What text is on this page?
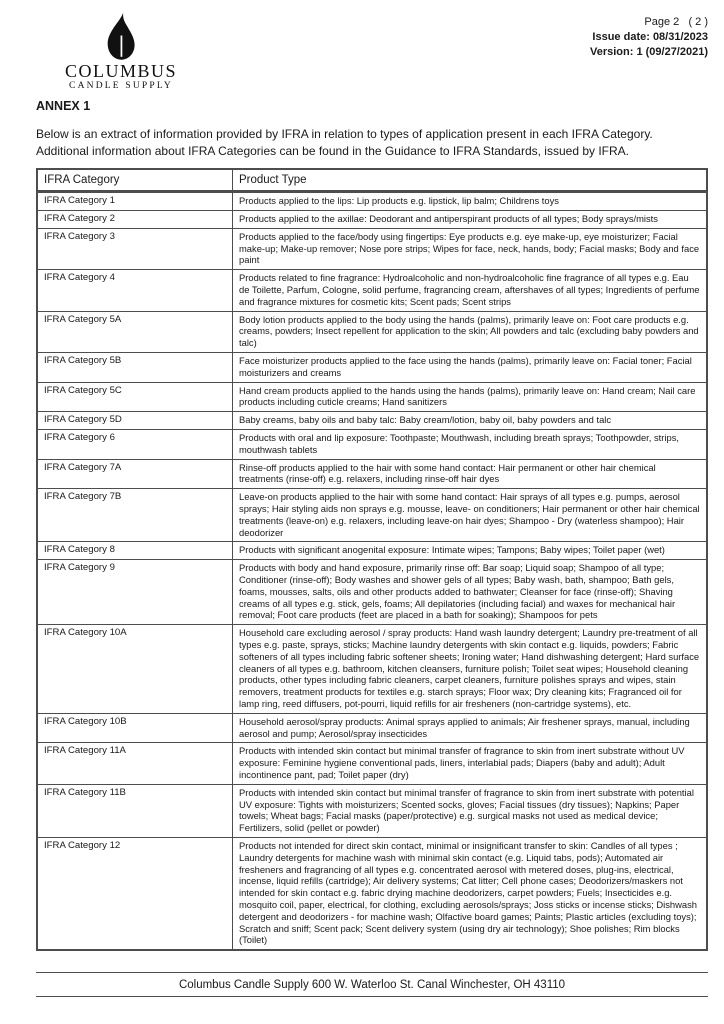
COLUMBUS
CANDLE SUPPLY
Page 2   ( 2 )
Issue date: 08/31/2023
Version: 1 (09/27/2021)
ANNEX 1
Below is an extract of information provided by IFRA in relation to types of application present in each IFRA Category. Additional information about IFRA Categories can be found in the Guidance to IFRA Standards, issued by IFRA.
IFRA Category	Product Type
IFRA Category 1	Products applied to the lips: Lip products e.g. lipstick, lip balm; Childrens toys
IFRA Category 2	Products applied to the axillae: Deodorant and antiperspirant products of all types; Body sprays/mists
IFRA Category 3	Products applied to the face/body using fingertips: Eye products e.g. eye make-up, eye moisturizer; Facial make-up; Make-up remover; Nose pore strips; Wipes for face, neck, hands, body; Facial masks; Body and face paint
IFRA Category 4	Products related to fine fragrance: Hydroalcoholic and non-hydroalcoholic fine fragrance of all types e.g. Eau de Toilette, Parfum, Cologne, solid perfume, fragrancing cream, aftershaves of all types; Ingredients of perfume and fragrance mixtures for cosmetic kits; Scent pads; Scent strips
IFRA Category 5A	Body lotion products applied to the body using the hands (palms), primarily leave on: Foot care products e.g. creams, powders; Insect repellent for application to the skin; All powders and talc (excluding baby powders and talc)
IFRA Category 5B	Face moisturizer products applied to the face using the hands (palms), primarily leave on: Facial toner; Facial moisturizers and creams
IFRA Category 5C	Hand cream products applied to the hands using the hands (palms), primarily leave on: Hand cream; Nail care products including cuticle creams; Hand sanitizers
IFRA Category 5D	Baby creams, baby oils and baby talc: Baby cream/lotion, baby oil, baby powders and talc
IFRA Category 6	Products with oral and lip exposure: Toothpaste; Mouthwash, including breath sprays; Toothpowder, strips, mouthwash tablets
IFRA Category 7A	Rinse-off products applied to the hair with some hand contact: Hair permanent or other hair chemical treatments (rinse-off) e.g. relaxers, including rinse-off hair dyes
IFRA Category 7B	Leave-on products applied to the hair with some hand contact: Hair sprays of all types e.g. pumps, aerosol sprays; Hair styling aids non sprays e.g. mousse, leave- on conditioners; Hair permanent or other hair chemical treatments (leave-on) e.g. relaxers, including leave-on hair dyes; Shampoo - Dry (waterless shampoo); Hair deodorizer
IFRA Category 8	Products with significant anogenital exposure: Intimate wipes; Tampons; Baby wipes; Toilet paper (wet)
IFRA Category 9	Products with body and hand exposure, primarily rinse off: Bar soap; Liquid soap; Shampoo of all type; Conditioner (rinse-off); Body washes and shower gels of all types; Baby wash, bath, shampoo; Bath gels, foams, mousses, salts, oils and other products added to bathwater; Cleanser for face (rinse-off); Shaving creams of all types e.g. stick, gels, foams; All depilatories (including facial) and waxes for mechanical hair removal; Foot care products (feet are placed in a bath for soaking); Shampoos for pets
IFRA Category 10A	Household care excluding aerosol / spray products: Hand wash laundry detergent; Laundry pre-treatment of all types e.g. paste, sprays, sticks; Machine laundry detergents with skin contact e.g. liquids, powders; Fabric softeners of all types including fabric softener sheets; Ironing water; Hand dishwashing detergent; Hard surface cleaners of all types e.g. bathroom, kitchen cleansers, furniture polish; Toilet seat wipes; Household cleaning products, other types including fabric cleaners, carpet cleaners, furniture polishes sprays and wipes, stain removers, treatment products for textiles e.g. starch sprays; Floor wax; Dry cleaning kits; Fragranced oil for lamp ring, reed diffusers, pot-pourri, liquid refills for air fresheners (non-cartridge systems), etc.
IFRA Category 10B	Household aerosol/spray products: Animal sprays applied to animals; Air freshener sprays, manual, including aerosol and pump; Aerosol/spray insecticides
IFRA Category 11A	Products with intended skin contact but minimal transfer of fragrance to skin from inert substrate without UV exposure: Feminine hygiene conventional pads, liners, interlabial pads; Diapers (baby and adult); Adult incontinence pant, pad; Toilet paper (dry)
IFRA Category 11B	Products with intended skin contact but minimal transfer of fragrance to skin from inert substrate with potential UV exposure: Tights with moisturizers; Scented socks, gloves; Facial tissues (dry tissues); Napkins; Paper towels; Wheat bags; Facial masks (paper/protective) e.g. surgical masks not used as medical device; Fertilizers, solid (pellet or powder)
IFRA Category 12	Products not intended for direct skin contact, minimal or insignificant transfer to skin: Candles of all types ; Laundry detergents for machine wash with minimal skin contact (e.g. Liquid tabs, pods); Automated air fresheners and fragrancing of all types e.g. concentrated aerosol with metered doses, plug-ins, electrical, incense, liquid refills (cartridge); Air delivery systems; Cat litter; Cell phone cases; Deodorizers/maskers not intended for skin contact e.g. fabric drying machine deodorizers, carpet powders; Fuels; Insecticides e.g. mosquito coil, paper, electrical, for clothing, excluding aerosols/sprays; Joss sticks or incense sticks; Dishwash detergent and deodorizers - for machine wash; Olfactive board games; Paints; Plastic articles (excluding toys); Scratch and sniff; Scent pack; Scent delivery system (using dry air technology); Shoe polishes; Rim blocks (Toilet)
Columbus Candle Supply 600 W. Waterloo St. Canal Winchester, OH 43110
